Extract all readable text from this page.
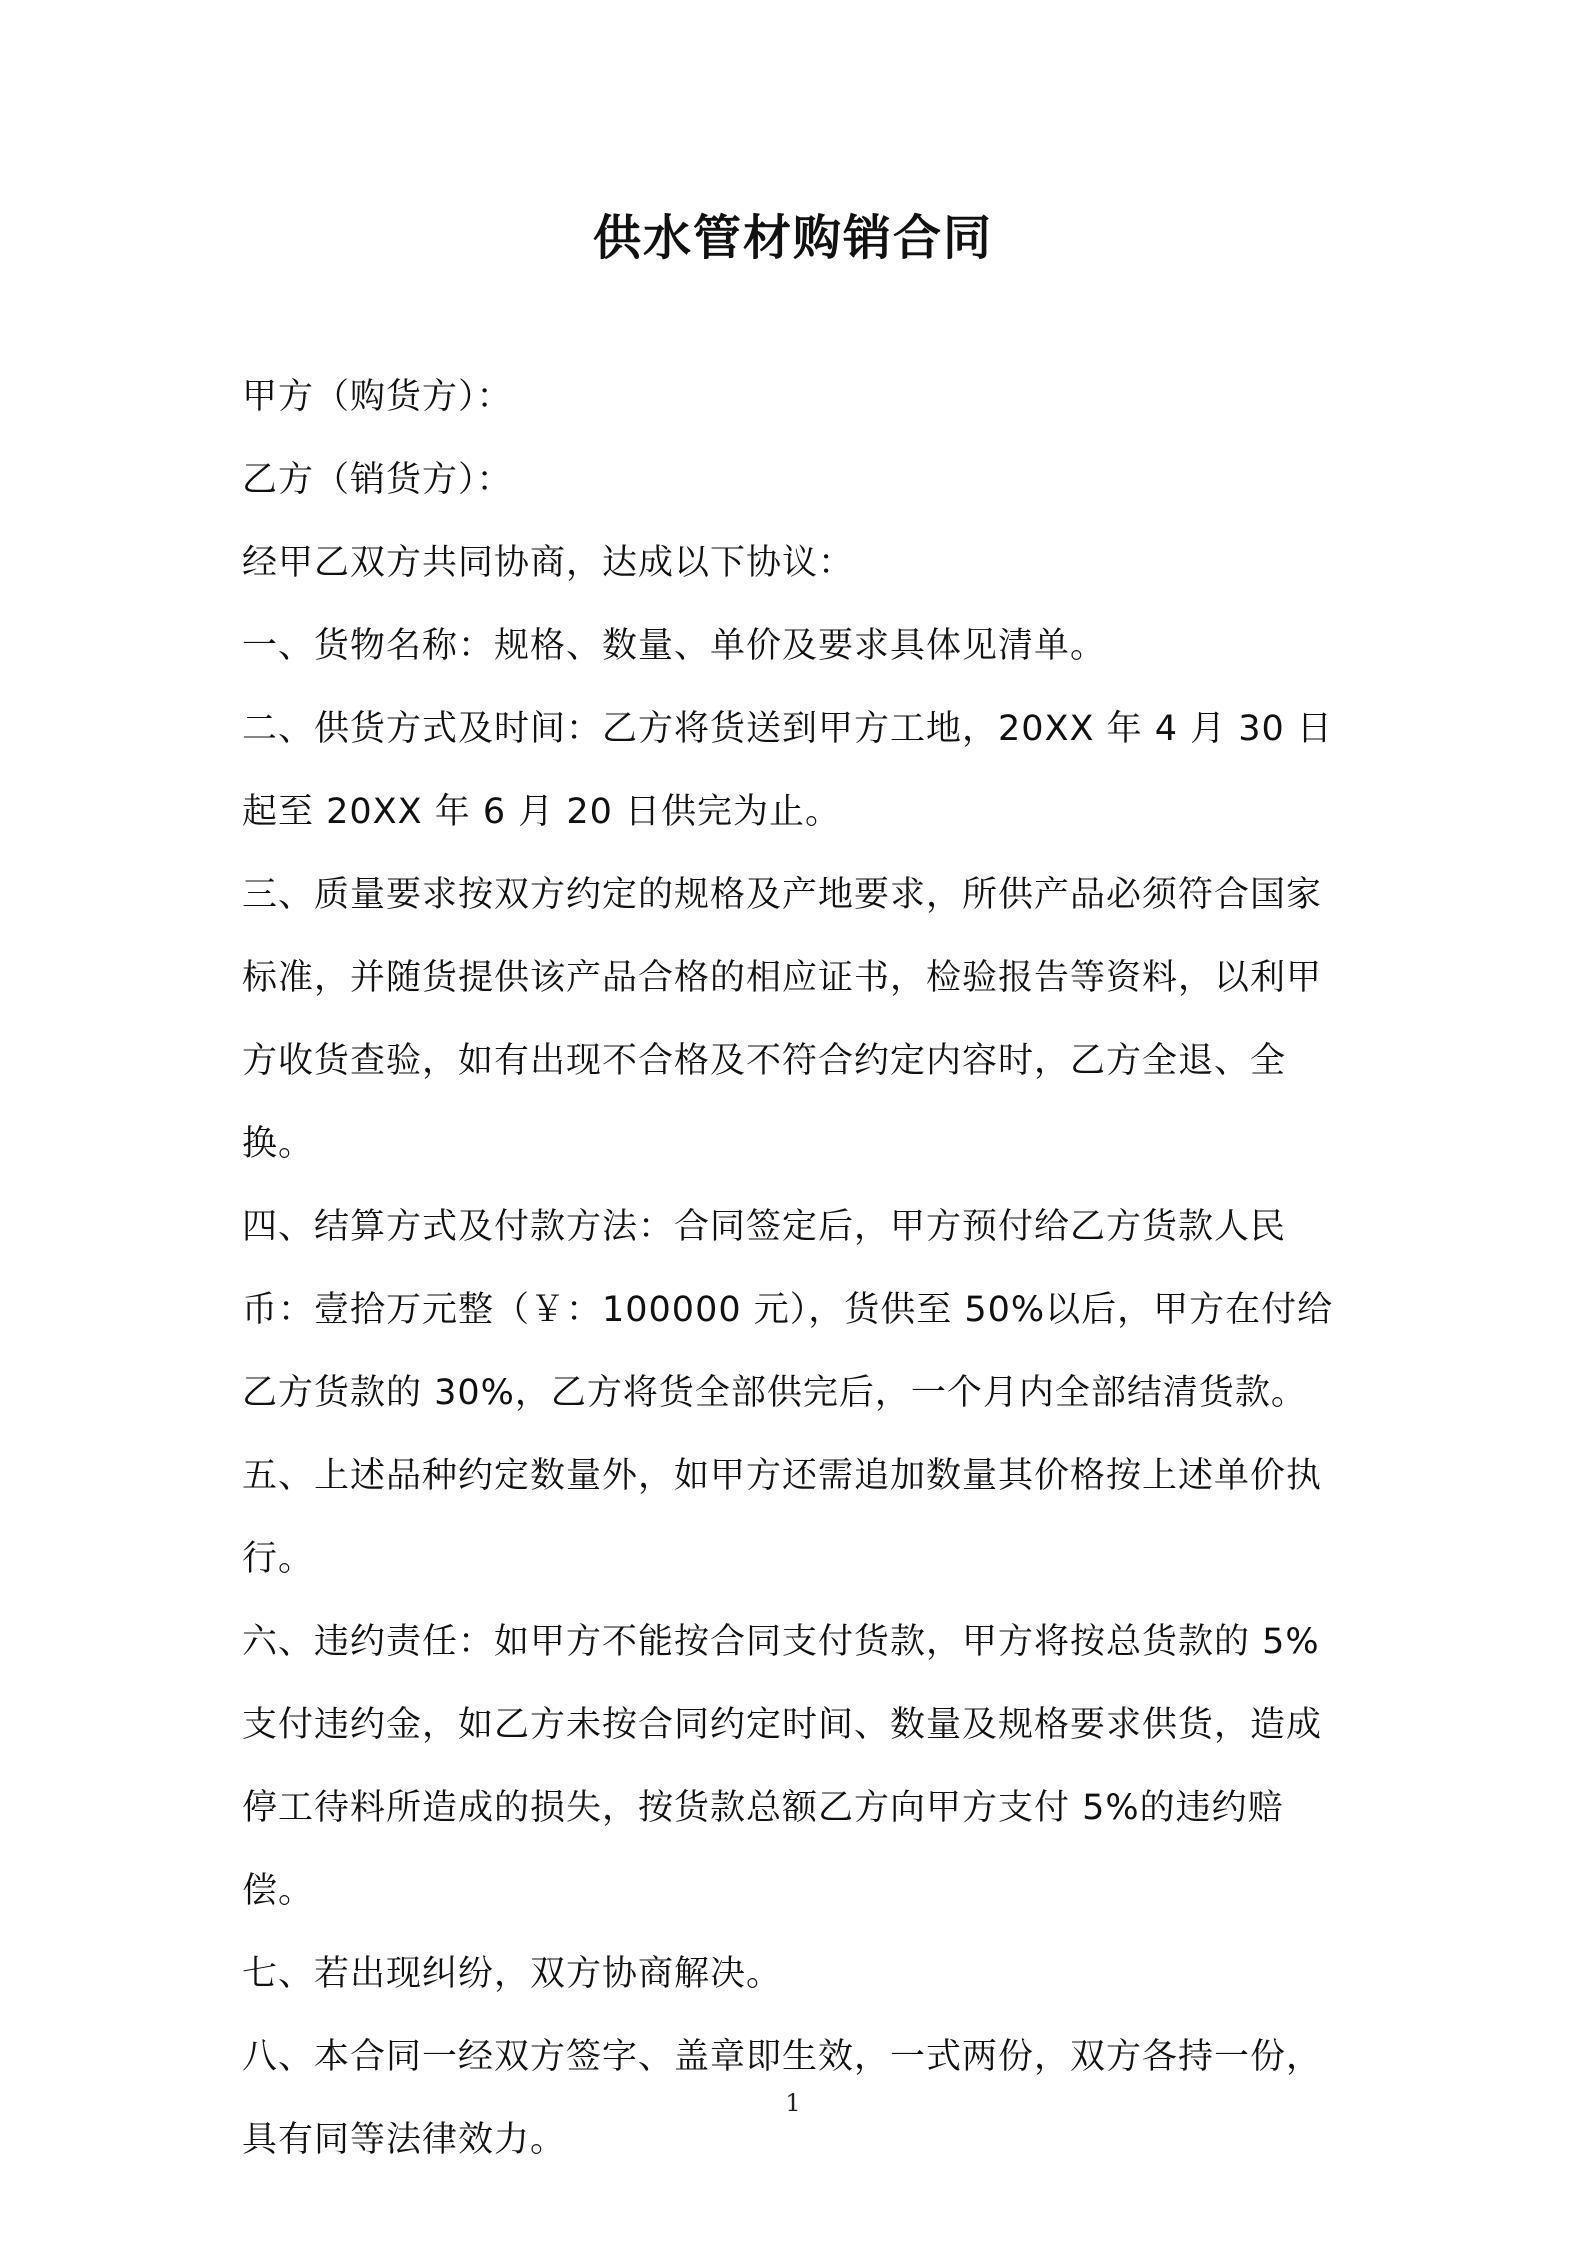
供水管材购销合同

甲方（购货方）：

乙方（销货方）：

经甲乙双方共同协商，达成以下协议：

一、货物名称：规格、数量、单价及要求具体见清单。

二、供货方式及时间：乙方将货送到甲方工地，20XX 年 4 月 30 日起至 20XX 年 6 月 20 日供完为止。

三、质量要求按双方约定的规格及产地要求，所供产品必须符合国家标准，并随货提供该产品合格的相应证书，检验报告等资料，以利甲方收货查验，如有出现不合格及不符合约定内容时，乙方全退、全换。

四、结算方式及付款方法：合同签定后，甲方预付给乙方货款人民币：壹拾万元整（￥：100000 元），货供至 50%以后，甲方在付给乙方货款的 30%，乙方将货全部供完后，一个月内全部结清货款。

五、上述品种约定数量外，如甲方还需追加数量其价格按上述单价执行。

六、违约责任：如甲方不能按合同支付货款，甲方将按总货款的 5%支付违约金，如乙方未按合同约定时间、数量及规格要求供货，造成停工待料所造成的损失，按货款总额乙方向甲方支付 5%的违约赔偿。

七、若出现纠纷，双方协商解决。

八、本合同一经双方签字、盖章即生效，一式两份，双方各持一份，具有同等法律效力。

1
